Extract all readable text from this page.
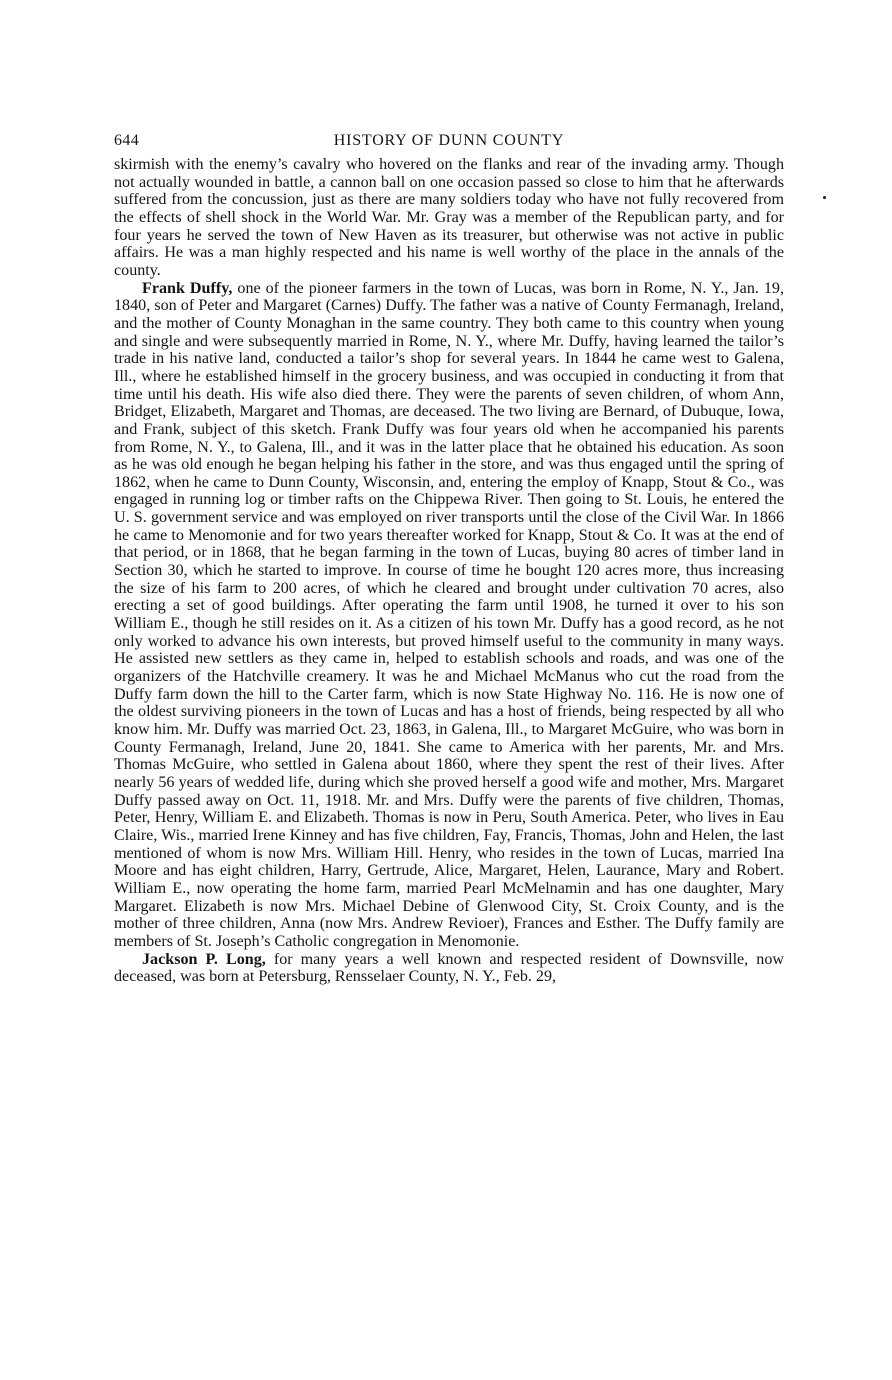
644	HISTORY OF DUNN COUNTY

skirmish with the enemy’s cavalry who hovered on the flanks and rear of the invading army. Though not actually wounded in battle, a cannon ball on one occasion passed so close to him that he afterwards suffered from the concussion, just as there are many soldiers today who have not fully recovered from the effects of shell shock in the World War. Mr. Gray was a member of the Republican party, and for four years he served the town of New Haven as its treasurer, but otherwise was not active in public affairs. He was a man highly respected and his name is well worthy of the place in the annals of the county.

Frank Duffy, one of the pioneer farmers in the town of Lucas, was born in Rome, N. Y., Jan. 19, 1840, son of Peter and Margaret (Carnes) Duffy. The father was a native of County Fermanagh, Ireland, and the mother of County Monaghan in the same country. They both came to this country when young and single and were subsequently married in Rome, N. Y., where Mr. Duffy, having learned the tailor’s trade in his native land, conducted a tailor’s shop for several years. In 1844 he came west to Galena, Ill., where he established himself in the grocery business, and was occupied in conducting it from that time until his death. His wife also died there. They were the parents of seven children, of whom Ann, Bridget, Elizabeth, Margaret and Thomas, are deceased. The two living are Bernard, of Dubuque, Iowa, and Frank, subject of this sketch. Frank Duffy was four years old when he accompanied his parents from Rome, N. Y., to Galena, Ill., and it was in the latter place that he obtained his education. As soon as he was old enough he began helping his father in the store, and was thus engaged until the spring of 1862, when he came to Dunn County, Wisconsin, and, entering the employ of Knapp, Stout & Co., was engaged in running log or timber rafts on the Chippewa River. Then going to St. Louis, he entered the U. S. government service and was employed on river transports until the close of the Civil War. In 1866 he came to Menomonie and for two years thereafter worked for Knapp, Stout & Co. It was at the end of that period, or in 1868, that he began farming in the town of Lucas, buying 80 acres of timber land in Section 30, which he started to improve. In course of time he bought 120 acres more, thus increasing the size of his farm to 200 acres, of which he cleared and brought under cultivation 70 acres, also erecting a set of good buildings. After operating the farm until 1908, he turned it over to his son William E., though he still resides on it. As a citizen of his town Mr. Duffy has a good record, as he not only worked to advance his own interests, but proved himself useful to the community in many ways. He assisted new settlers as they came in, helped to establish schools and roads, and was one of the organizers of the Hatchville creamery. It was he and Michael McManus who cut the road from the Duffy farm down the hill to the Carter farm, which is now State Highway No. 116. He is now one of the oldest surviving pioneers in the town of Lucas and has a host of friends, being respected by all who know him. Mr. Duffy was married Oct. 23, 1863, in Galena, Ill., to Margaret McGuire, who was born in County Fermanagh, Ireland, June 20, 1841. She came to America with her parents, Mr. and Mrs. Thomas McGuire, who settled in Galena about 1860, where they spent the rest of their lives. After nearly 56 years of wedded life, during which she proved herself a good wife and mother, Mrs. Margaret Duffy passed away on Oct. 11, 1918. Mr. and Mrs. Duffy were the parents of five children, Thomas, Peter, Henry, William E. and Elizabeth. Thomas is now in Peru, South America. Peter, who lives in Eau Claire, Wis., married Irene Kinney and has five children, Fay, Francis, Thomas, John and Helen, the last mentioned of whom is now Mrs. William Hill. Henry, who resides in the town of Lucas, married Ina Moore and has eight children, Harry, Gertrude, Alice, Margaret, Helen, Laurance, Mary and Robert. William E., now operating the home farm, married Pearl McMelnamin and has one daughter, Mary Margaret. Elizabeth is now Mrs. Michael Debine of Glenwood City, St. Croix County, and is the mother of three children, Anna (now Mrs. Andrew Revioer), Frances and Esther. The Duffy family are members of St. Joseph’s Catholic congregation in Menomonie.

Jackson P. Long, for many years a well known and respected resident of Downsville, now deceased, was born at Petersburg, Rensselaer County, N. Y., Feb. 29,
